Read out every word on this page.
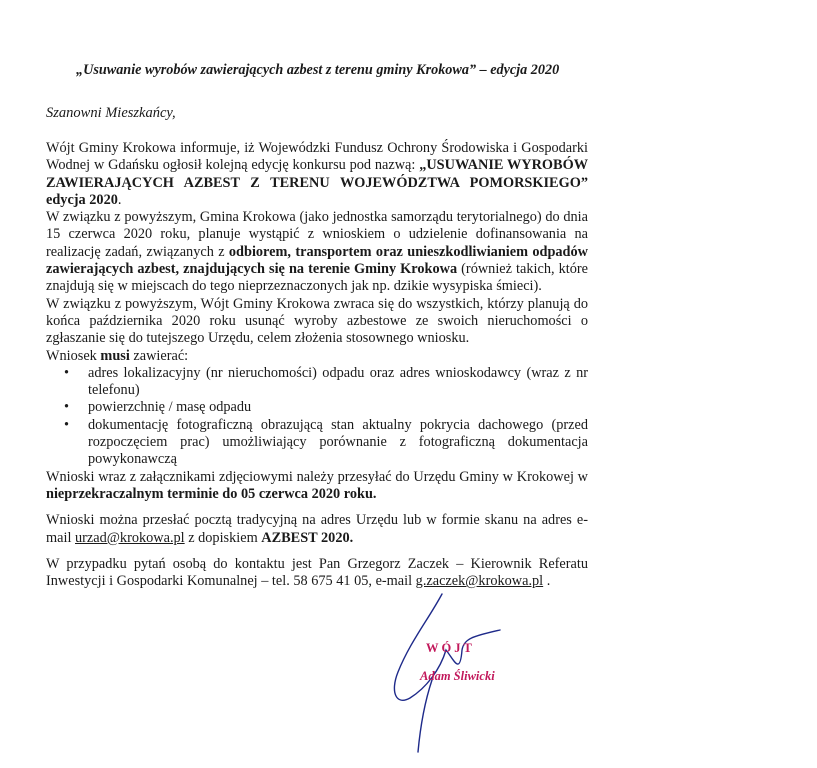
„Usuwanie wyrobów zawierających azbest z terenu gminy Krokowa” – edycja 2020
Szanowni Mieszkańcy,

Wójt Gminy Krokowa informuje, iż Wojewódzki Fundusz Ochrony Środowiska i Gospodarki Wodnej w Gdańsku ogłosił kolejną edycję konkursu pod nazwą: „USUWANIE WYROBÓW ZAWIERAJĄCYCH AZBEST Z TERENU WOJEWÓDZTWA POMORSKIEGO” edycja 2020.

W związku z powyższym, Gmina Krokowa (jako jednostka samorządu terytorialnego) do dnia 15 czerwca 2020 roku, planuje wystąpić z wnioskiem o udzielenie dofinansowania na realizację zadań, związanych z odbiorem, transportem oraz unieszkodliwianiem odpadów zawierających azbest, znajdujących się na terenie Gminy Krokowa (również takich, które znajdują się w miejscach do tego nieprzeznaczonych jak np. dzikie wysypiska śmieci).

W związku z powyższym, Wójt Gminy Krokowa zwraca się do wszystkich, którzy planują do końca października 2020 roku usunąć wyroby azbestowe ze swoich nieruchomości o zgłaszanie się do tutejszego Urzędu, celem złożenia stosownego wniosku.

Wniosek musi zawierać:

• adres lokalizacyjny (nr nieruchomości) odpadu oraz adres wnioskodawcy (wraz z nr telefonu)
• powierzchnię / masę odpadu
• dokumentację fotograficzną obrazującą stan aktualny pokrycia dachowego (przed rozpoczęciem prac) umożliwiający porównanie z fotograficzną dokumentacja powykonawczą

Wnioski wraz z załącznikami zdjęciowymi należy przesyłać do Urzędu Gminy w Krokowej w nieprzekraczalnym terminie do 05 czerwca 2020 roku.

Wnioski można przesłać pocztą tradycyjną na adres Urzędu lub w formie skanu na adres e-mail urzad@krokowa.pl z dopiskiem AZBEST 2020.

W przypadku pytań osobą do kontaktu jest Pan Grzegorz Zaczek – Kierownik Referatu Inwestycji i Gospodarki Komunalnej – tel. 58 675 41 05, e-mail g.zaczek@krokowa.pl .

WÓJT
Adam Śliwicki
